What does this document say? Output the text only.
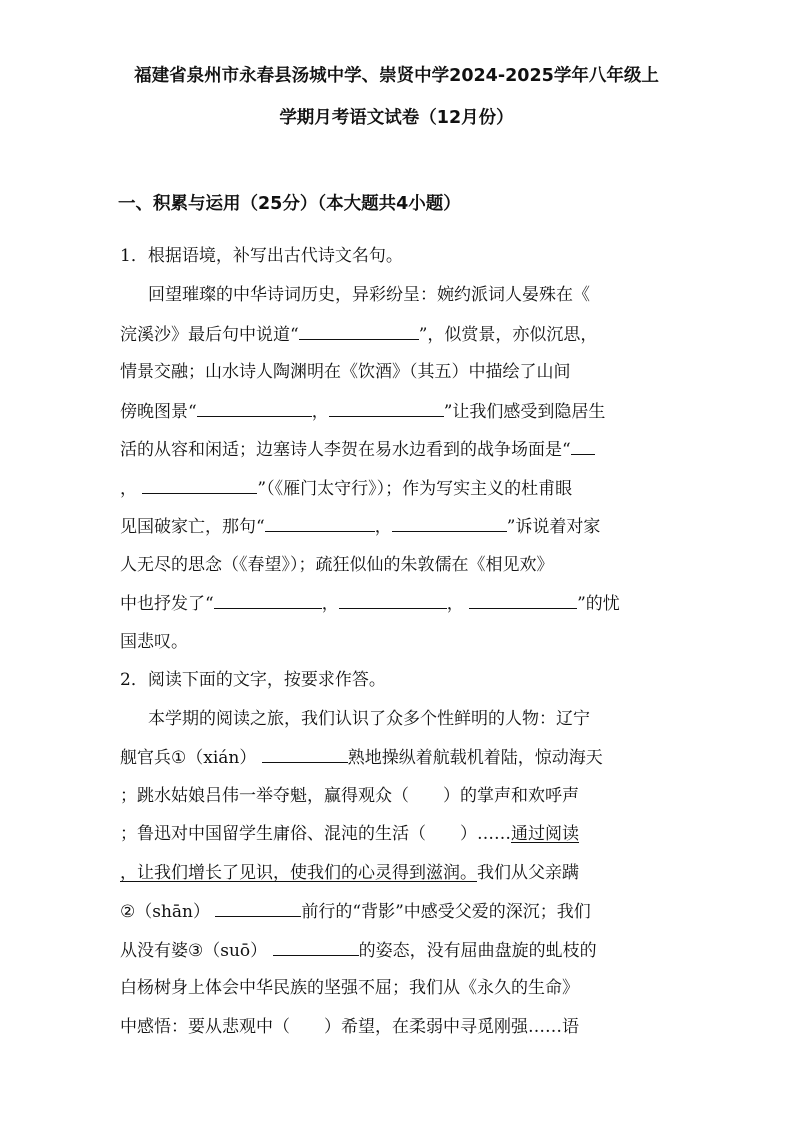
福建省泉州市永春县汤城中学、崇贤中学2024-2025学年八年级上
学期月考语文试卷（12月份）
一、积累与运用（25分）（本大题共4小题）
1．根据语境，补写出古代诗文名句。
回望璀璨的中华诗词历史，异彩纷呈：婉约派词人晏殊在《
浣溪沙》最后句中说道“	”，似赏景，亦似沉思，
情景交融；山水诗人陶渊明在《饮酒》（其五）中描绘了山间
傍晚图景“	，	”让我们感受到隐居生
活的从容和闲适；边塞诗人李贺在易水边看到的战争场面是“
，	”（《雁门太守行》）；作为写实主义的杜甫眼
见国破家亡，那句“	，	”诉说着对家
人无尽的思念（《春望》）；疏狂似仙的朱敦儒在《相见欢》
中也抒发了“	，	，	”的忧
国悲叹。
2．阅读下面的文字，按要求作答。
本学期的阅读之旅，我们认识了众多个性鲜明的人物：辽宁
舰官兵①（xián）	熟地操纵着航载机着陆，惊动海天
；跳水姑娘吕伟一举夺魁，赢得观众（　　）的掌声和欢呼声
；鲁迅对中国留学生庸俗、混沌的生活（　　）……通过阅读
，让我们增长了见识，使我们的心灵得到滋润。我们从父亲蹒
②（shān）	前行的“背影”中感受父爱的深沉；我们
从没有婆③（suō）	的姿态，没有屈曲盘旋的虬枝的
白杨树身上体会中华民族的坚强不屈；我们从《永久的生命》
中感悟：要从悲观中（　　）希望，在柔弱中寻觅刚强……语
